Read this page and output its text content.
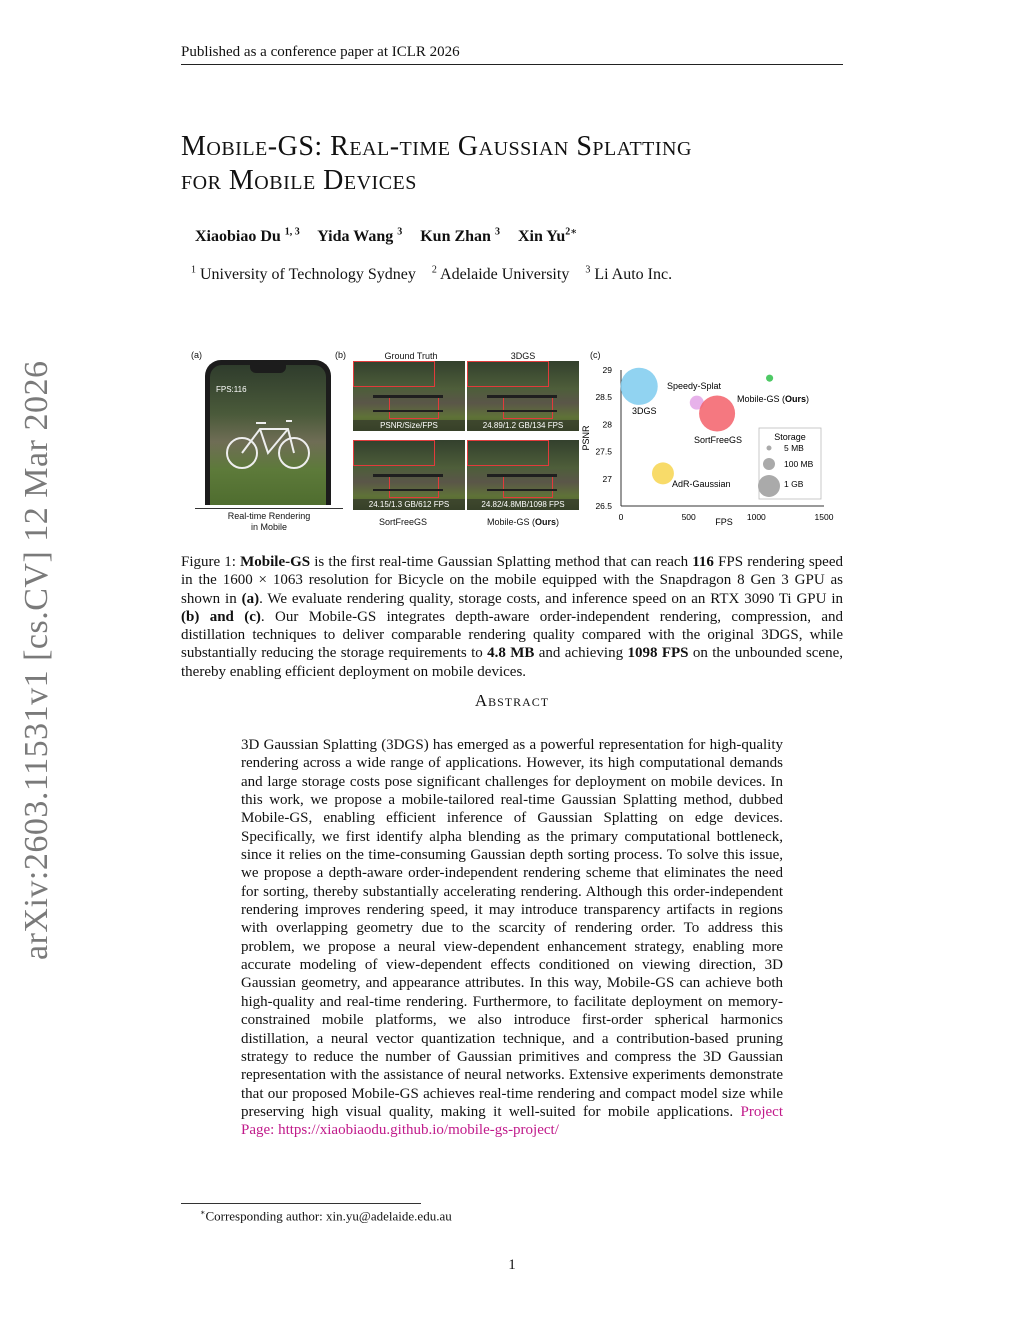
Published as a conference paper at ICLR 2026
arXiv:2603.11531v1 [cs.CV] 12 Mar 2026
Mobile-GS: Real-time Gaussian Splatting
for Mobile Devices
Xiaobiao Du $^{1, 3}$ Yida Wang $^3$ Kun Zhan $^3$ Xin $Yu^{2∗}$
$^1$ University of Technology Sydney $^2$ Adelaide University $^3$ Li Auto Inc.
(a)
FPS:116
Real-time Rendering
in Mobile
(b)	Ground Truth	3DGS
PSNR/Size/FPS	24.89/1.2 GB/134 FPS
24.15/1.3 GB/612 FPS	24.82/4.8MB/1098 FPS
SortFreeGS	Mobile-GS (Ours)
(c)
26.5
27
27.5
28
28.5
29
0	500	1000	1500
PSNR
FPS
Speedy-Splat
3DGS
SortFreeGS
AdR-Gaussian
Mobile-GS (Ours)
Storage
5 MB
100 MB
1 GB
Figure 1: Mobile-GS is the first real-time Gaussian Splatting method that can reach 116 FPS rendering speed in the 1600 × 1063 resolution for Bicycle on the mobile equipped with the Snapdragon 8 Gen 3 GPU as shown in (a). We evaluate rendering quality, storage costs, and inference speed on an RTX 3090 Ti GPU in (b) and (c). Our Mobile-GS integrates depth-aware order-independent rendering, compression, and distillation techniques to deliver comparable rendering quality compared with the original 3DGS, while substantially reducing the storage requirements to 4.8 MB and achieving 1098 FPS on the unbounded scene, thereby enabling efficient deployment on mobile devices.
Abstract
3D Gaussian Splatting (3DGS) has emerged as a powerful representation for high-quality rendering across a wide range of applications. However, its high computational demands and large storage costs pose significant challenges for deployment on mobile devices. In this work, we propose a mobile-tailored real-time Gaussian Splatting method, dubbed Mobile-GS, enabling efficient inference of Gaussian Splatting on edge devices. Specifically, we first identify alpha blending as the primary computational bottleneck, since it relies on the time-consuming Gaussian depth sorting process. To solve this issue, we propose a depth-aware order-independent rendering scheme that eliminates the need for sorting, thereby substantially accelerating rendering. Although this order-independent rendering improves rendering speed, it may introduce transparency artifacts in regions with overlapping geometry due to the scarcity of rendering order. To address this problem, we propose a neural view-dependent enhancement strategy, enabling more accurate modeling of view-dependent effects conditioned on viewing direction, 3D Gaussian geometry, and appearance attributes. In this way, Mobile-GS can achieve both high-quality and real-time rendering. Furthermore, to facilitate deployment on memory-constrained mobile platforms, we also introduce first-order spherical harmonics distillation, a neural vector quantization technique, and a contribution-based pruning strategy to reduce the number of Gaussian primitives and compress the 3D Gaussian representation with the assistance of neural networks. Extensive experiments demonstrate that our proposed Mobile-GS achieves real-time rendering and compact model size while preserving high visual quality, making it well-suited for mobile applications. Project Page: https://xiaobiaodu.github.io/mobile-gs-project/
∗Corresponding author: xin.yu@adelaide.edu.au
1
